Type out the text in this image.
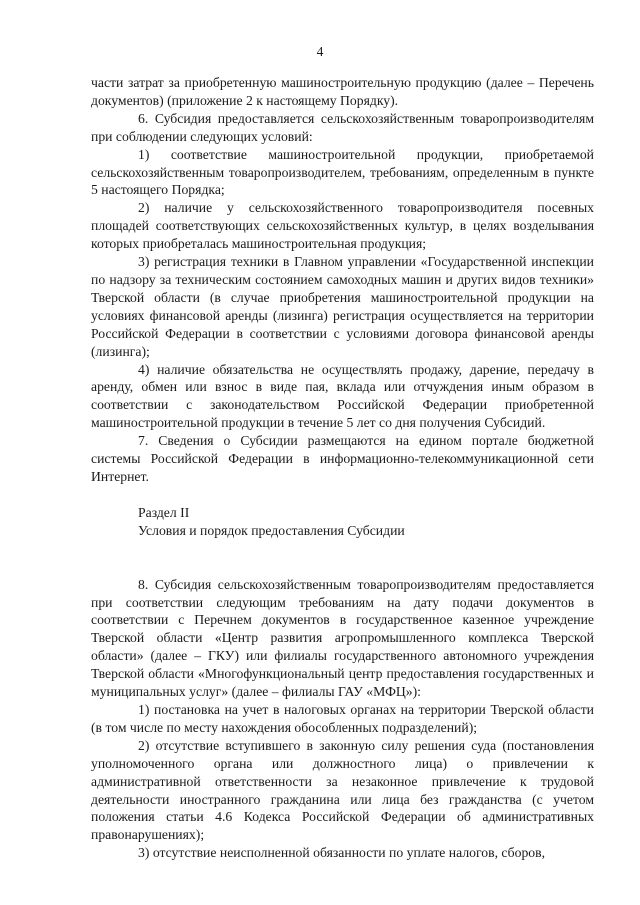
4

части затрат за приобретенную машиностроительную продукцию (далее – Перечень документов) (приложение 2 к настоящему Порядку).

6. Субсидия предоставляется сельскохозяйственным товаропроизводителям при соблюдении следующих условий:

1) соответствие машиностроительной продукции, приобретаемой сельскохозяйственным товаропроизводителем, требованиям, определенным в пункте 5 настоящего Порядка;

2) наличие у сельскохозяйственного товаропроизводителя посевных площадей соответствующих сельскохозяйственных культур, в целях возделывания которых приобреталась машиностроительная продукция;

3) регистрация техники в Главном управлении «Государственной инспекции по надзору за техническим состоянием самоходных машин и других видов техники» Тверской области (в случае приобретения машиностроительной продукции на условиях финансовой аренды (лизинга) регистрация осуществляется на территории Российской Федерации в соответствии с условиями договора финансовой аренды (лизинга);

4) наличие обязательства не осуществлять продажу, дарение, передачу в аренду, обмен или взнос в виде пая, вклада или отчуждения иным образом в соответствии с законодательством Российской Федерации приобретенной машиностроительной продукции в течение 5 лет со дня получения Субсидий.

7. Сведения о Субсидии размещаются на едином портале бюджетной системы Российской Федерации в информационно-телекоммуникационной сети Интернет.

Раздел II

Условия и порядок предоставления Субсидии

8. Субсидия сельскохозяйственным товаропроизводителям предоставляется при соответствии следующим требованиям на дату подачи документов в соответствии с Перечнем документов в государственное казенное учреждение Тверской области «Центр развития агропромышленного комплекса Тверской области» (далее – ГКУ) или филиалы государственного автономного учреждения Тверской области «Многофункциональный центр предоставления государственных и муниципальных услуг» (далее – филиалы ГАУ «МФЦ»):

1) постановка на учет в налоговых органах на территории Тверской области (в том числе по месту нахождения обособленных подразделений);

2) отсутствие вступившего в законную силу решения суда (постановления уполномоченного органа или должностного лица) о привлечении к административной ответственности за незаконное привлечение к трудовой деятельности иностранного гражданина или лица без гражданства (с учетом положения статьи 4.6 Кодекса Российской Федерации об административных правонарушениях);

3) отсутствие неисполненной обязанности по уплате налогов, сборов,
